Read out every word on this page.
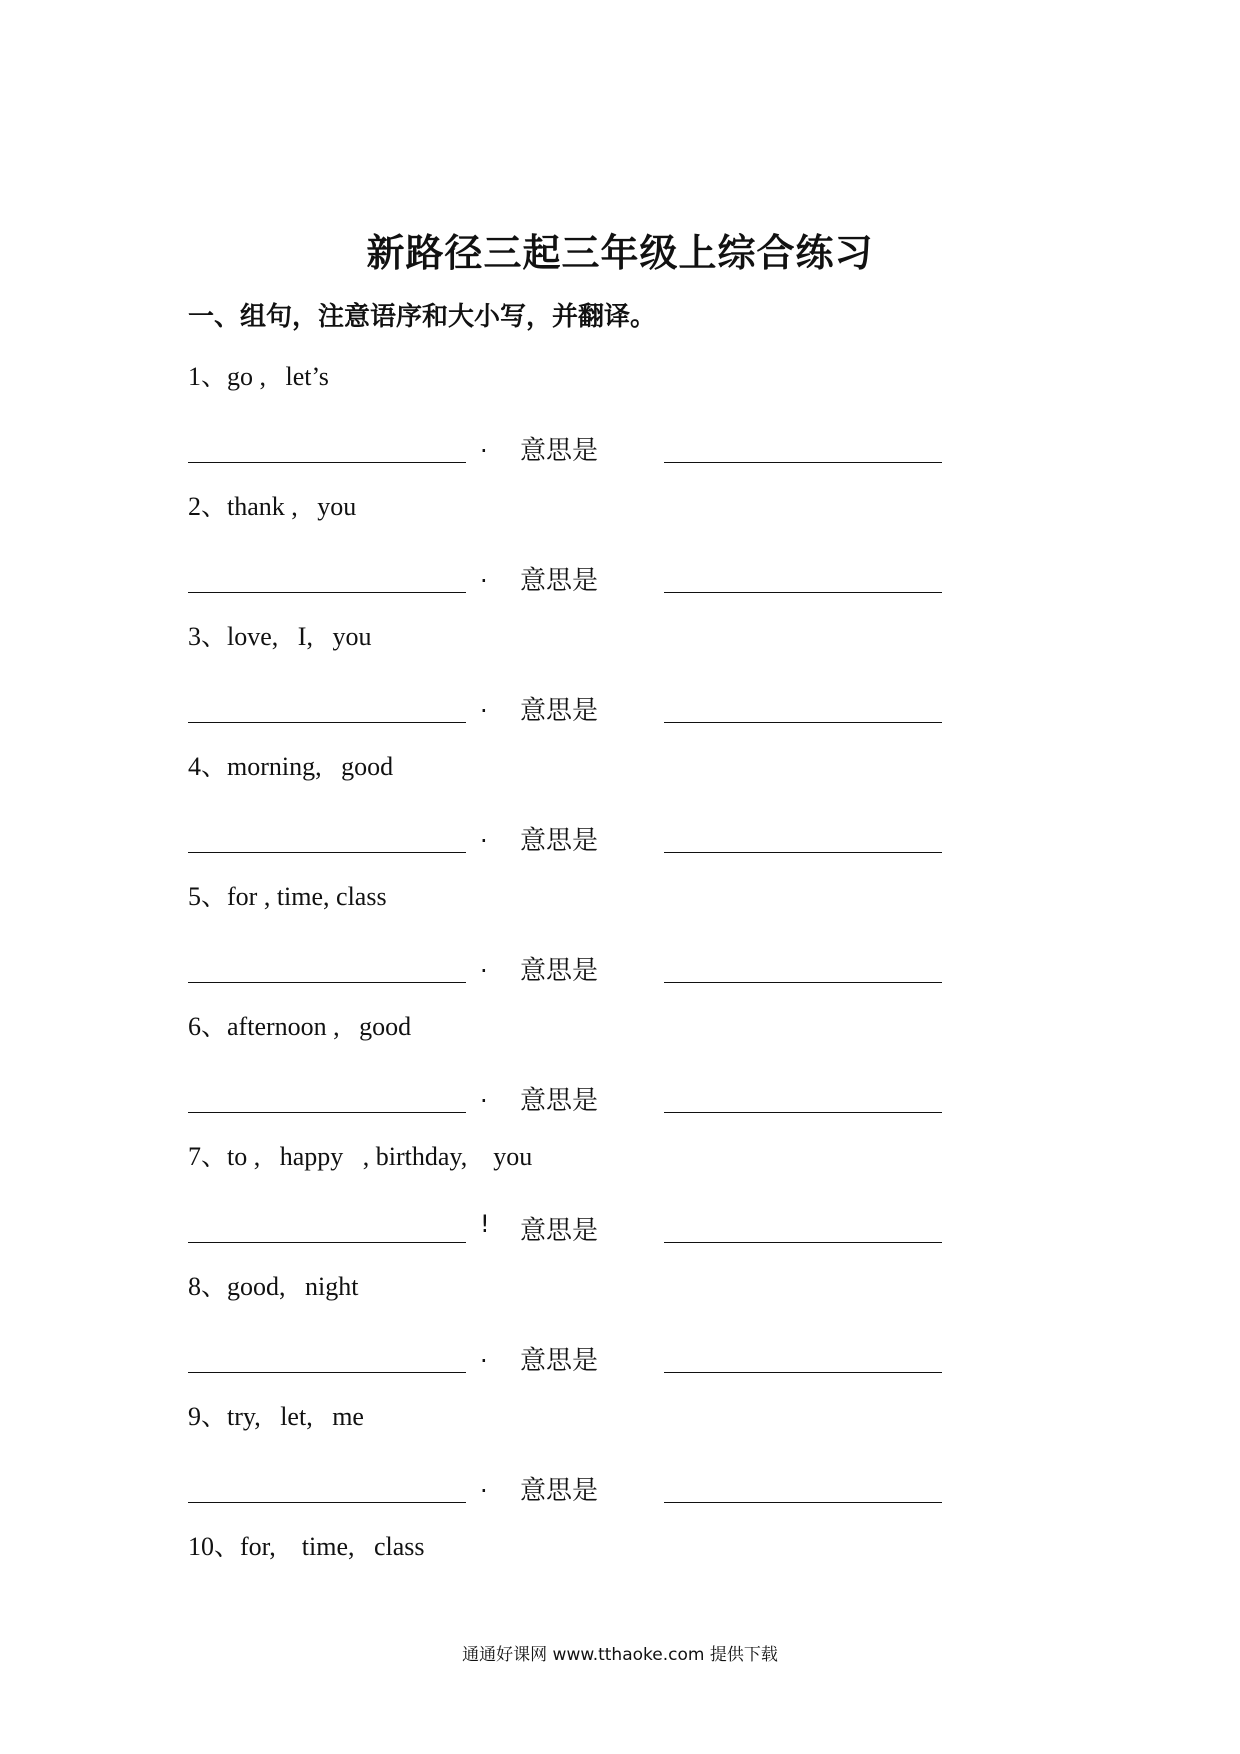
新路径三起三年级上综合练习
一、组句，注意语序和大小写，并翻译。
1、go ,   let’s
. 意思是
2、thank ,   you
. 意思是
3、love,   I,   you
. 意思是
4、morning,   good
. 意思是
5、for , time, class
. 意思是
6、afternoon ,   good
. 意思是
7、to ,   happy   , birthday,    you
! 意思是
8、good,   night
. 意思是
9、try,   let,   me
. 意思是
10、for,    time,   class
通通好课网 www.tthaoke.com 提供下载
